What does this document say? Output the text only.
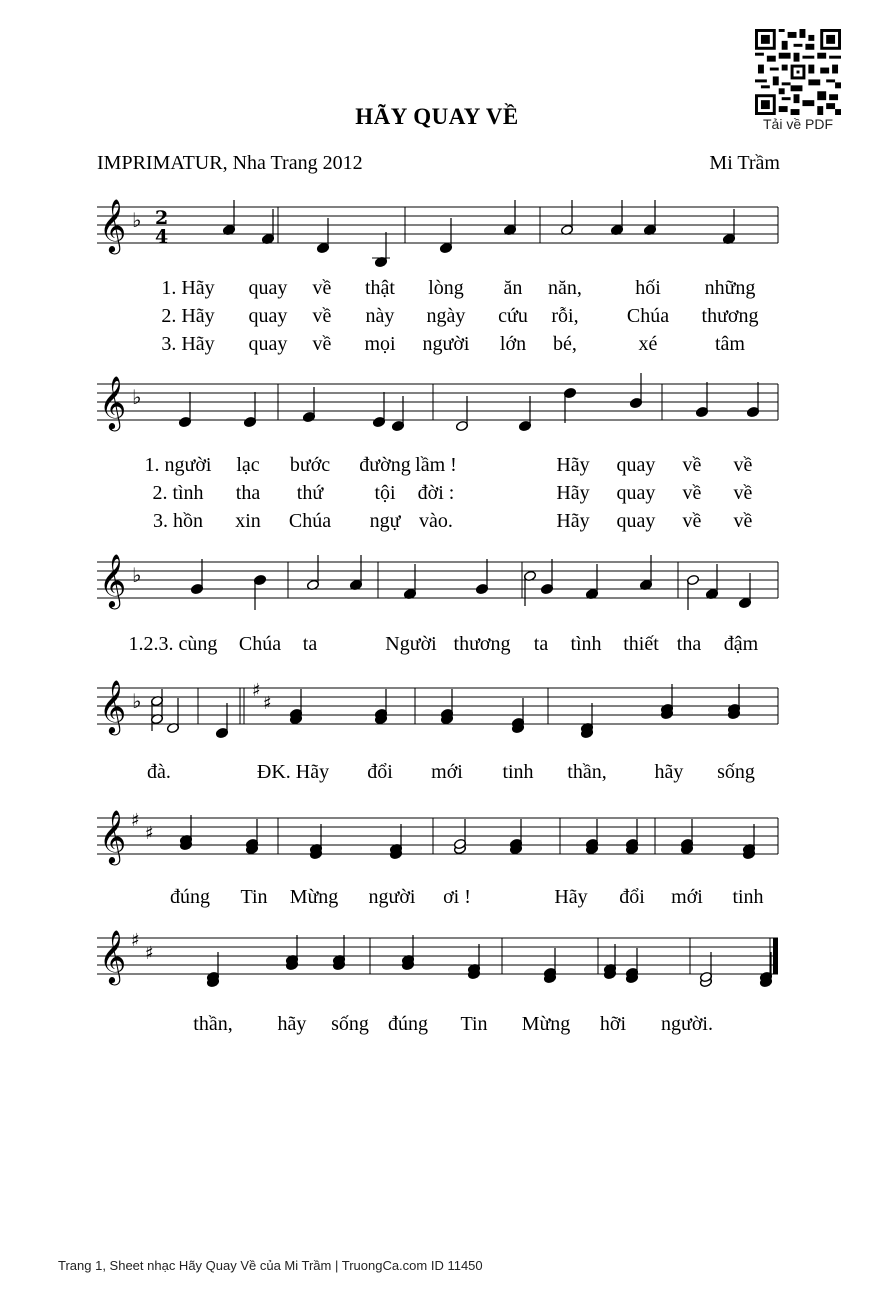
Tải về PDF
HÃY QUAY VỀ
IMPRIMATUR, Nha Trang 2012	Mi Trầm
𝄞 ♭ 2
4
1. Hãy quay về thật lòng ăn năn,	hối những
2. Hãy quay về này ngày cứu rỗi, Chúa thương
3. Hãy quay về mọi người lớn bé,	xé	tâm
𝄞 ♭
1. người lạc bước đường lầm !	Hãy quay về về
2. tình tha thứ	tội đời :	Hãy quay về về
3. hồn xin Chúa ngự vào.	Hãy quay về về
𝄞 ♭
1.2.3. cùng Chúa ta	Người thương ta tình thiết tha đậm
𝄞 ♭	♯
♯
đà.	ĐK. Hãy đổi mới tinh thần, hãy sống
𝄞 ♯
♯
đúng Tin Mừng người ơi !	Hãy đổi mới tinh
𝄞 ♯
♯
thần, hãy sống đúng Tin Mừng hỡi người.
Trang 1, Sheet nhạc Hãy Quay Về của Mi Trầm | TruongCa.com ID 11450
